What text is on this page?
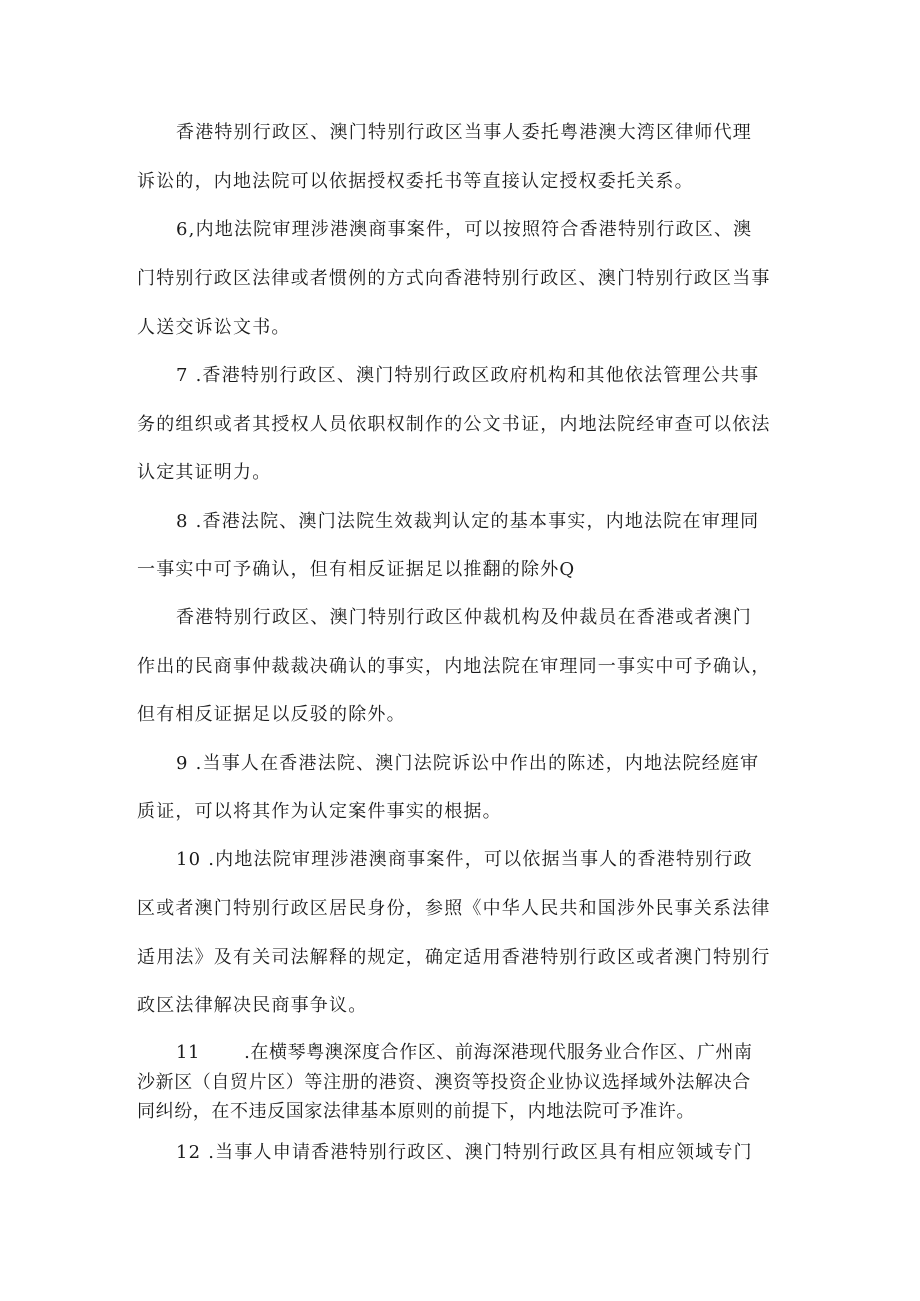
香港特别行政区、澳门特别行政区当事人委托粤港澳大湾区律师代理
诉讼的，内地法院可以依据授权委托书等直接认定授权委托关系。
6,内地法院审理涉港澳商事案件，可以按照符合香港特别行政区、澳
门特别行政区法律或者惯例的方式向香港特别行政区、澳门特别行政区当事
人送交诉讼文书。
7 .香港特别行政区、澳门特别行政区政府机构和其他依法管理公共事
务的组织或者其授权人员依职权制作的公文书证，内地法院经审查可以依法
认定其证明力。
8 .香港法院、澳门法院生效裁判认定的基本事实，内地法院在审理同
一事实中可予确认，但有相反证据足以推翻的除外Q
香港特别行政区、澳门特别行政区仲裁机构及仲裁员在香港或者澳门
作出的民商事仲裁裁决确认的事实，内地法院在审理同一事实中可予确认，
但有相反证据足以反驳的除外。
9 .当事人在香港法院、澳门法院诉讼中作出的陈述，内地法院经庭审
质证，可以将其作为认定案件事实的根据。
10 .内地法院审理涉港澳商事案件，可以依据当事人的香港特别行政
区或者澳门特别行政区居民身份，参照《中华人民共和国涉外民事关系法律
适用法》及有关司法解释的规定，确定适用香港特别行政区或者澳门特别行
政区法律解决民商事争议。
11 .在横琴粤澳深度合作区、前海深港现代服务业合作区、广州南
沙新区（自贸片区）等注册的港资、澳资等投资企业协议选择域外法解决合
同纠纷，在不违反国家法律基本原则的前提下，内地法院可予准许。
12 .当事人申请香港特别行政区、澳门特别行政区具有相应领域专门
